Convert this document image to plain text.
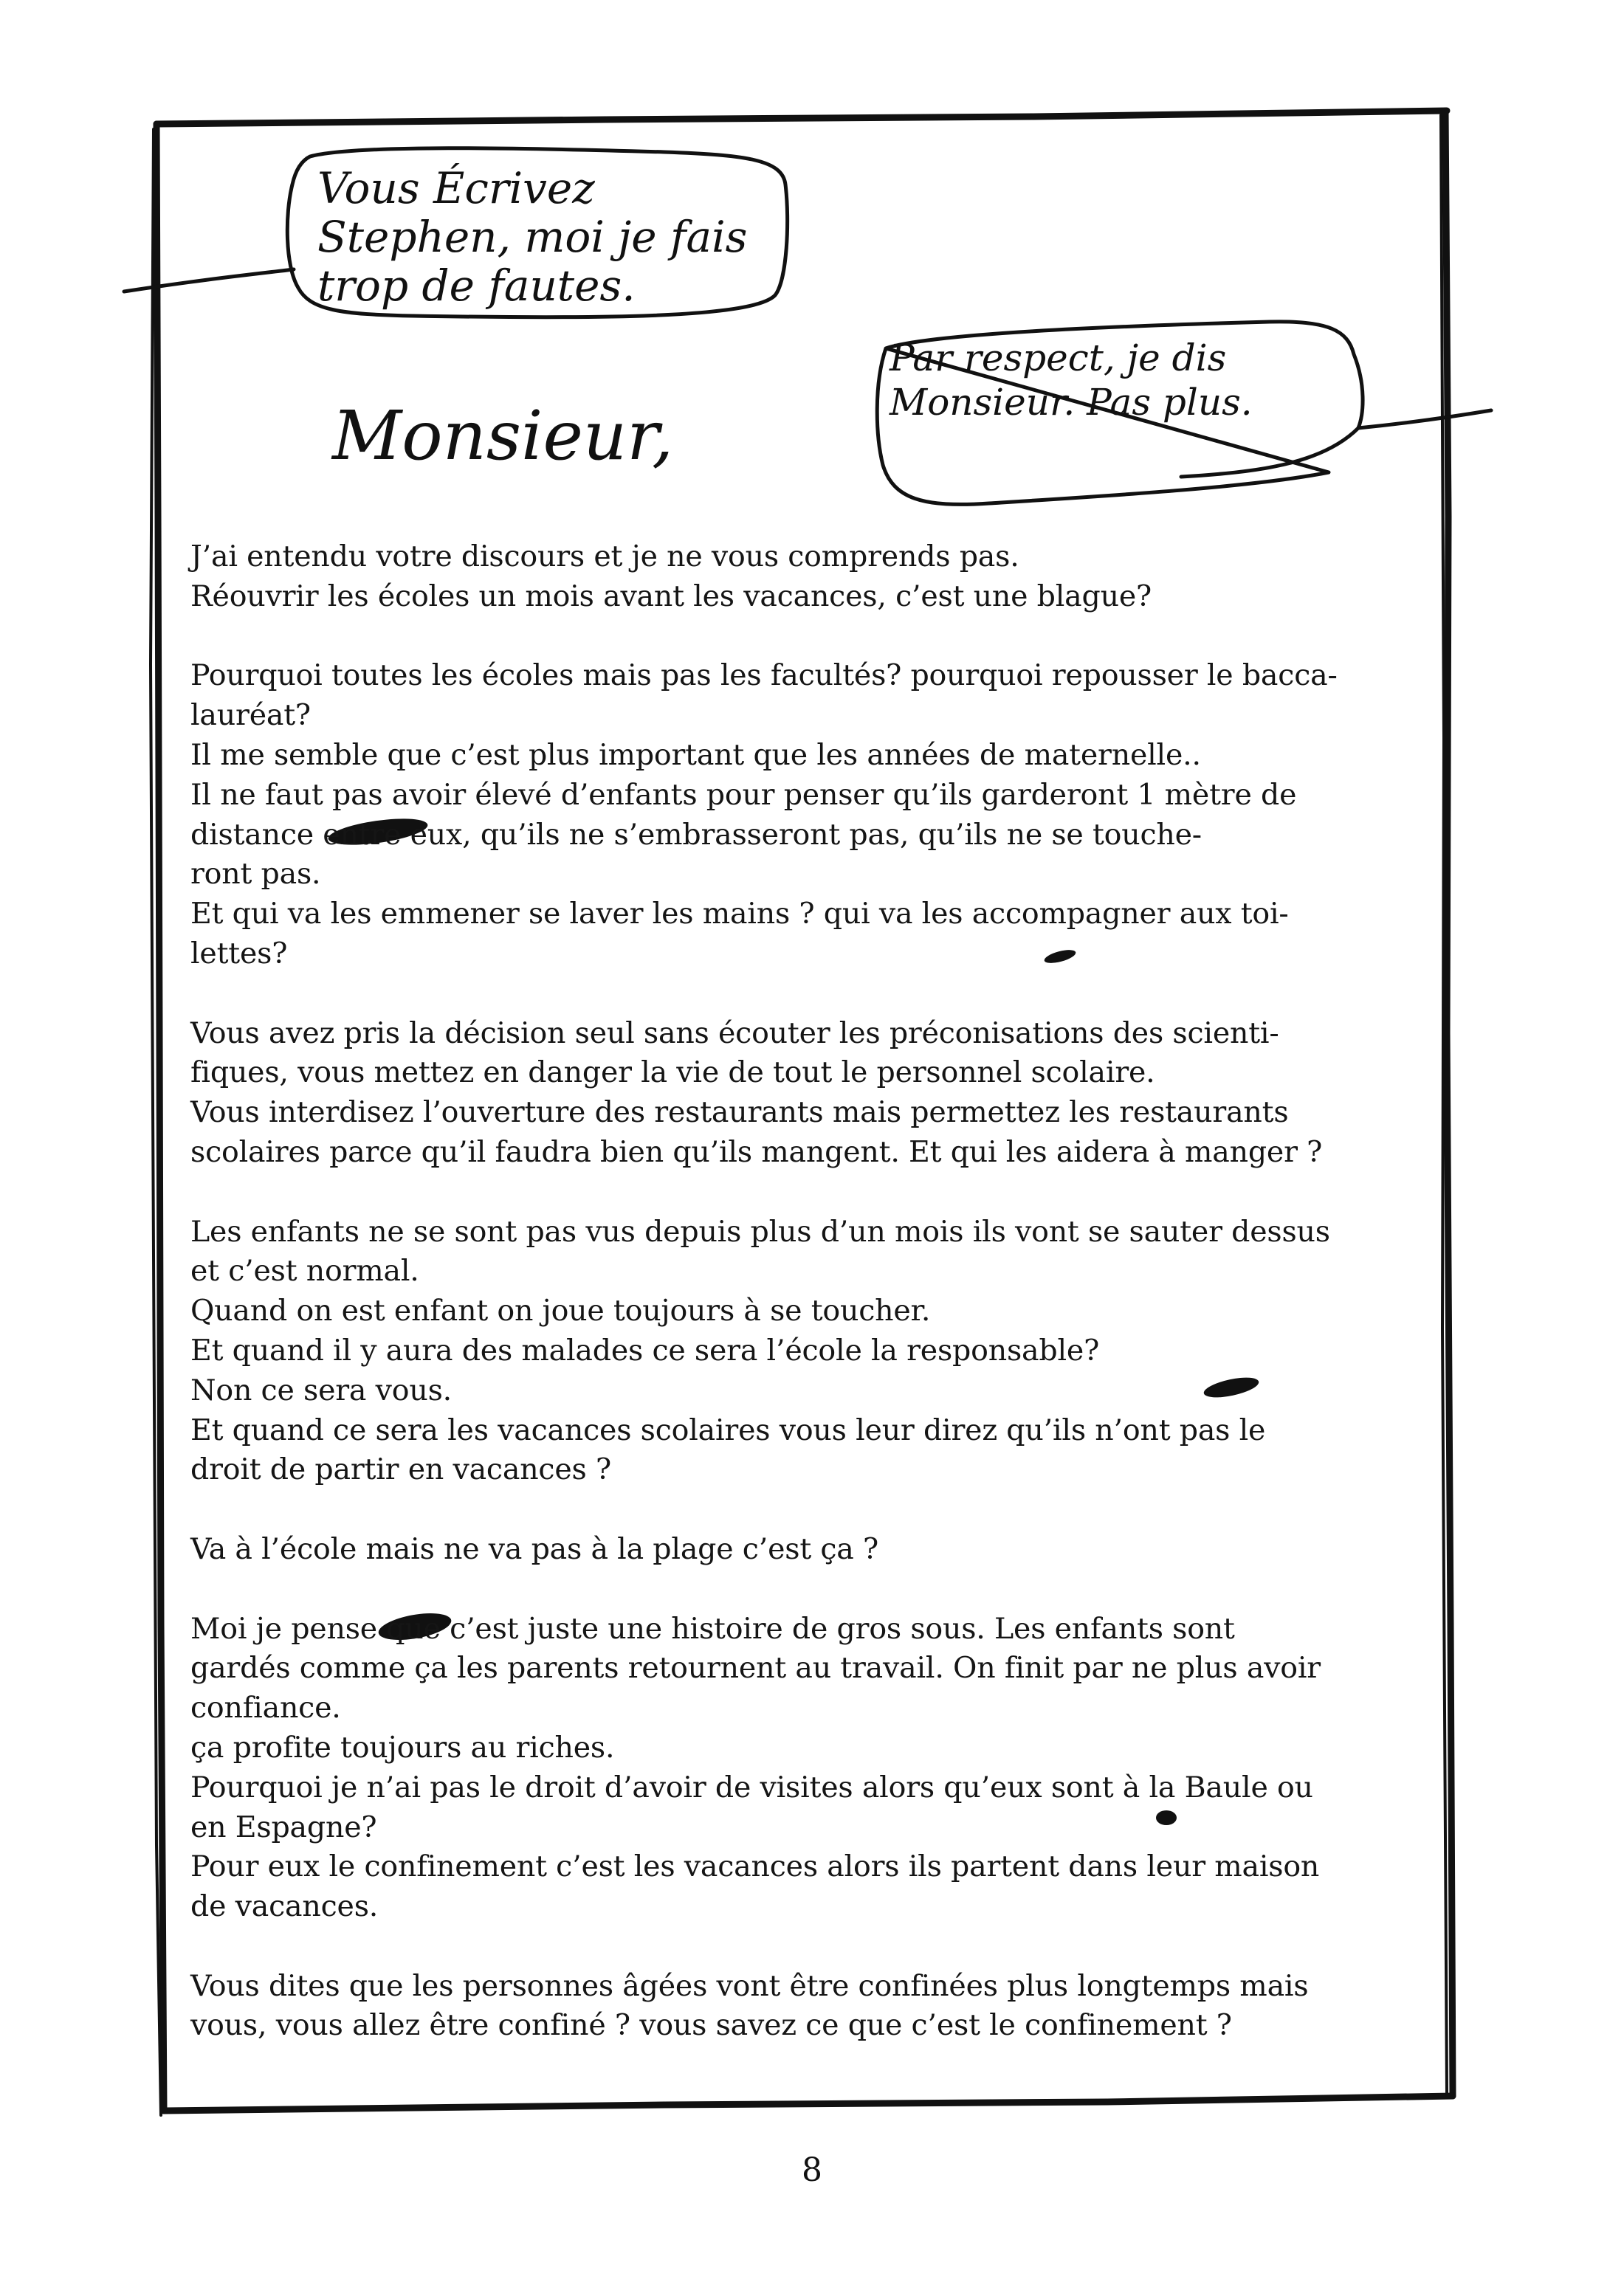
Vous Écrivez Stephen, moi je fais trop de fautes.
Par respect, je dis Monsieur. Pas plus.
Monsieur,

J’ai entendu votre discours et je ne vous comprends pas.

Réouvrir les écoles un mois avant les vacances, c’est une blague?

Pourquoi toutes les écoles mais pas les facultés? pourquoi repousser le bacca-

lauréat?

Il me semble que c’est plus important que les années de maternelle..

Il ne faut pas avoir élevé d’enfants pour penser qu’ils garderont 1 mètre de

distance entre eux, qu’ils ne s’embrasseront pas, qu’ils ne se touche-

ront pas.

Et qui va les emmener se laver les mains ? qui va les accompagner aux toi-

lettes?

Vous avez pris la décision seul sans écouter les préconisations des scienti-

fiques, vous mettez en danger la vie de tout le personnel scolaire.

Vous interdisez l’ouverture des restaurants mais permettez les restaurants

scolaires parce qu’il faudra bien qu’ils mangent. Et qui les aidera à manger ?

Les enfants ne se sont pas vus depuis plus d’un mois ils vont se sauter dessus

et c’est normal.

Quand on est enfant on joue toujours à se toucher.

Et quand il y aura des malades ce sera l’école la responsable?

Non ce sera vous.

Et quand ce sera les vacances scolaires vous leur direz qu’ils n’ont pas le

droit de partir en vacances ?

Va à l’école mais ne va pas à la plage c’est ça ?

Moi je pense que c’est juste une histoire de gros sous. Les enfants sont

gardés comme ça les parents retournent au travail. On finit par ne plus avoir

confiance.

ça profite toujours au riches.

Pourquoi je n’ai pas le droit d’avoir de visites alors qu’eux sont à la Baule ou

en Espagne?

Pour eux le confinement c’est les vacances alors ils partent dans leur maison

de vacances.

Vous dites que les personnes âgées vont être confinées plus longtemps mais

vous, vous allez être confiné ? vous savez ce que c’est le confinement ?

8
